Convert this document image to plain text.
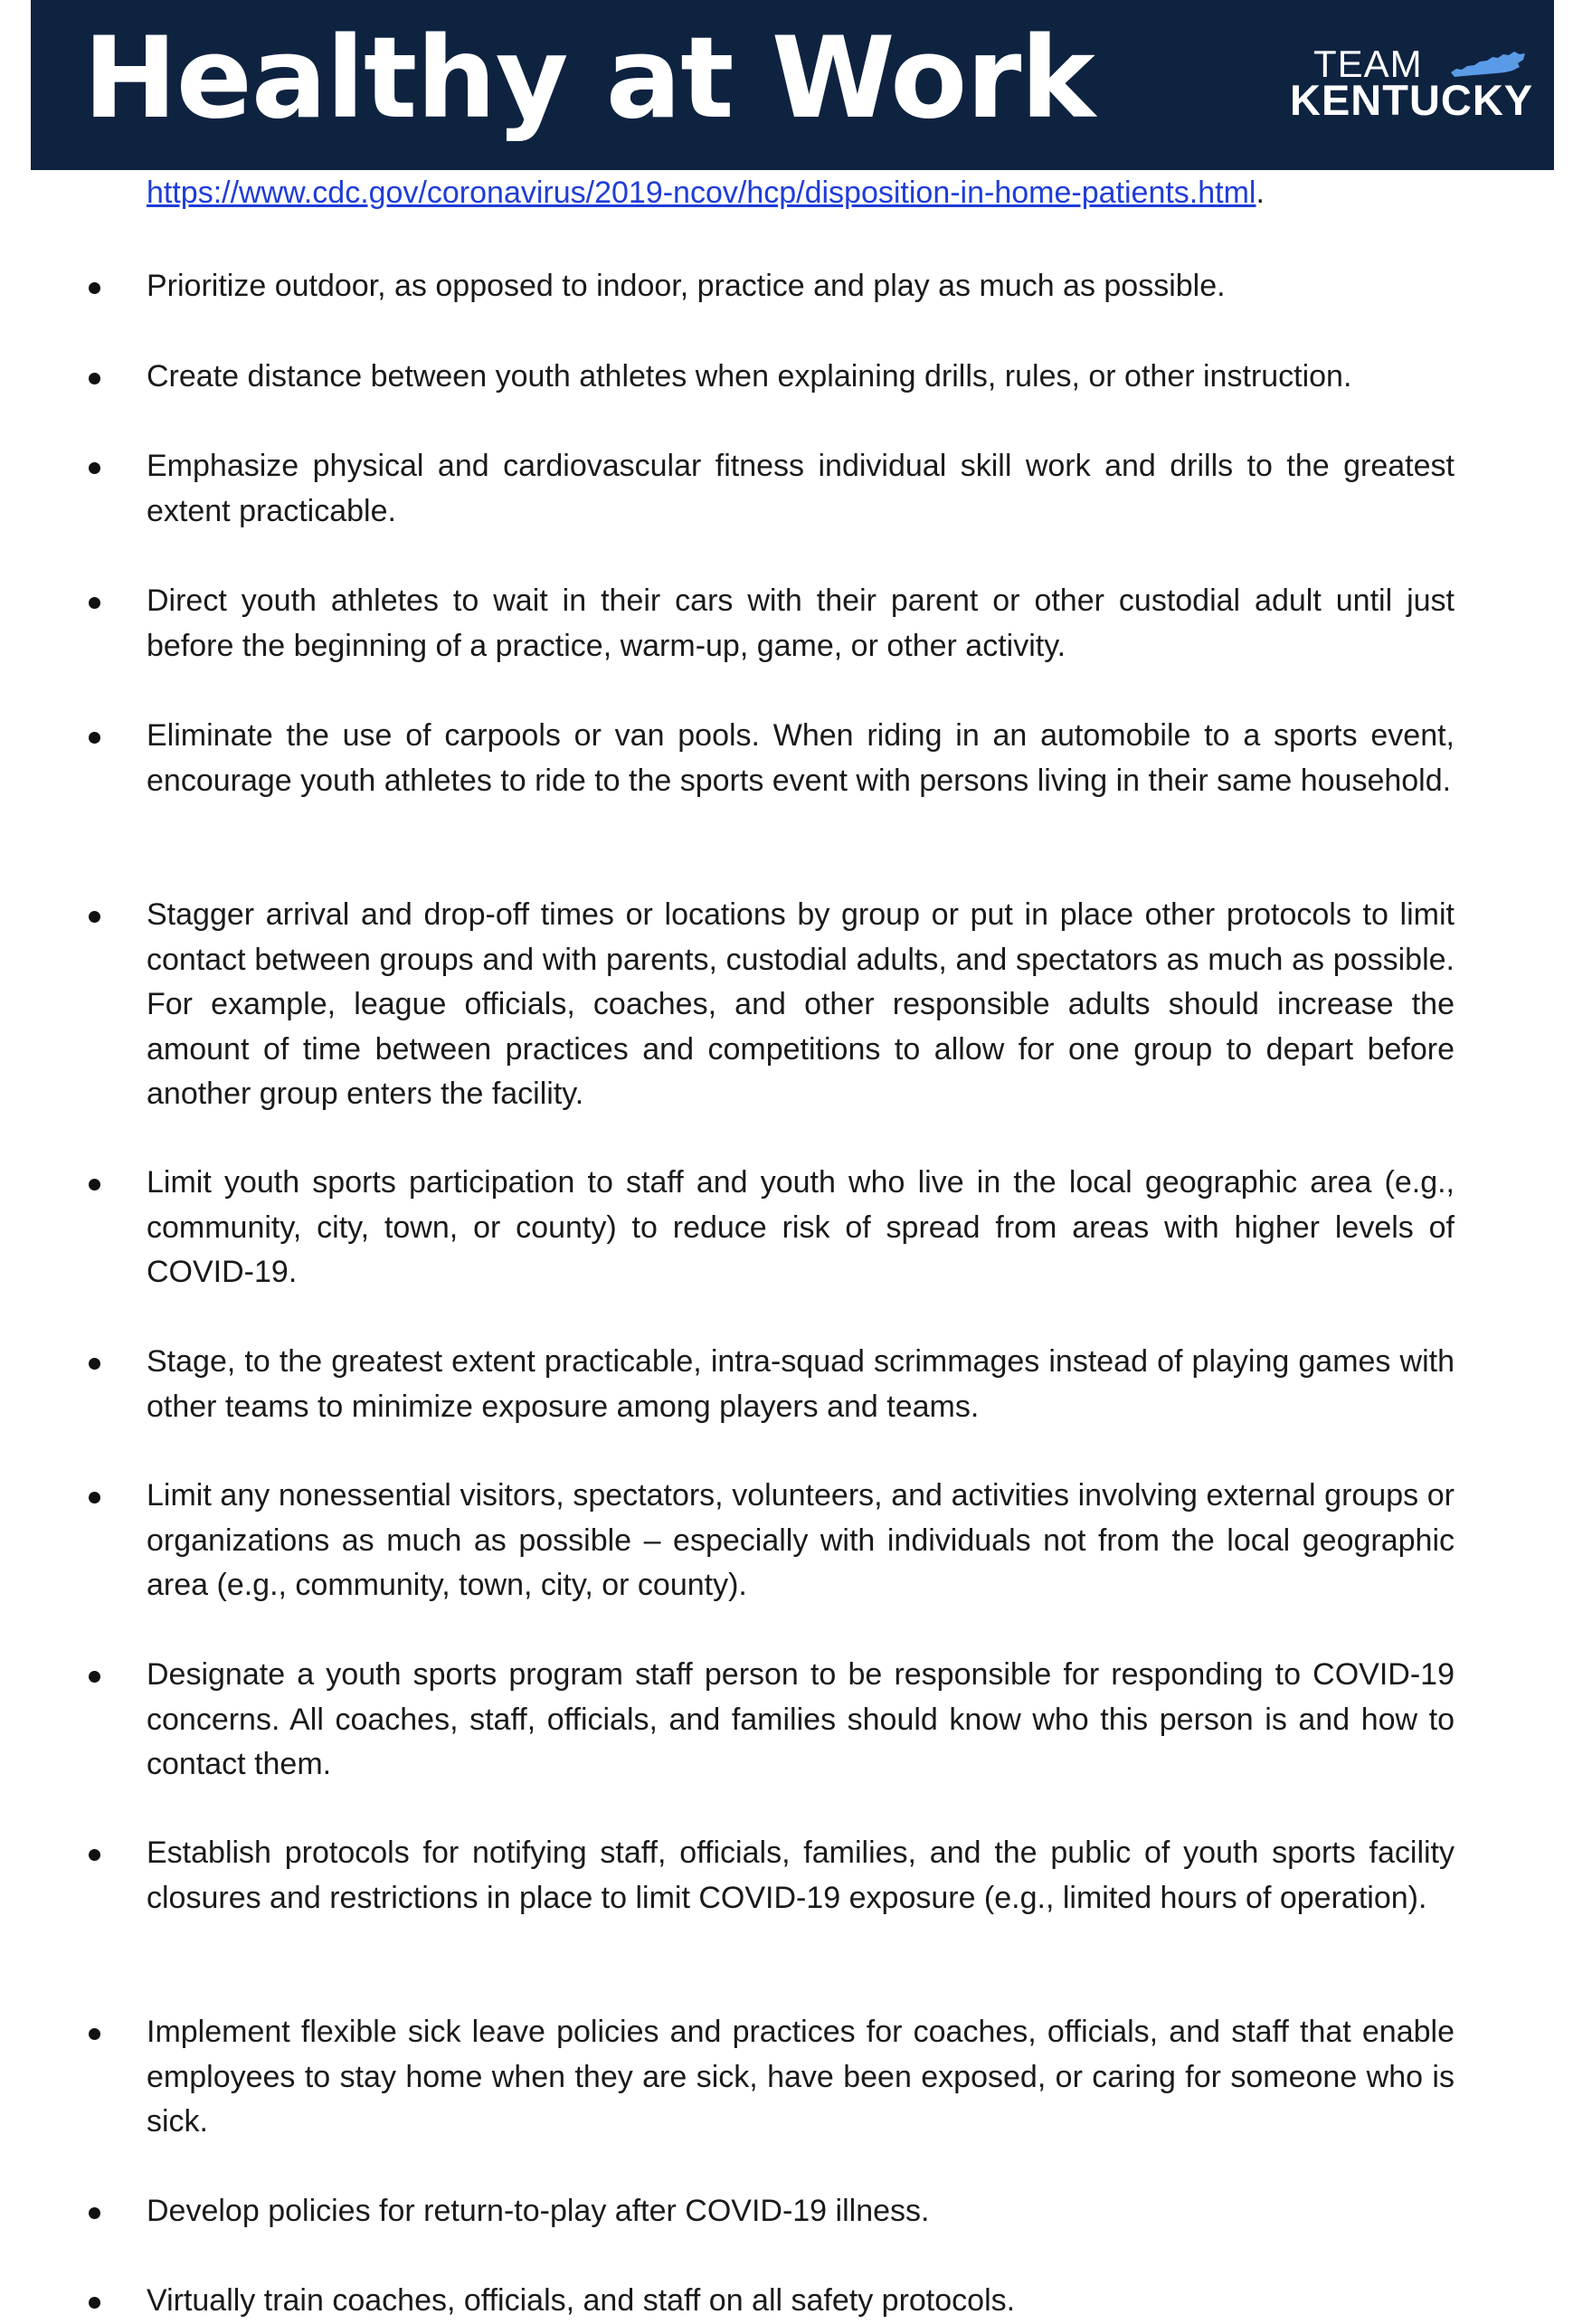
Healthy at Work	TEAM
KENTUCKY
https://www.cdc.gov/coronavirus/2019-ncov/hcp/disposition-in-home-patients.html.
Prioritize outdoor, as opposed to indoor, practice and play as much as possible.
Create distance between youth athletes when explaining drills, rules, or other instruction.
Emphasize physical and cardiovascular fitness individual skill work and drills to the greatest extent practicable.
Direct youth athletes to wait in their cars with their parent or other custodial adult until just before the beginning of a practice, warm-up, game, or other activity.
Eliminate the use of carpools or van pools. When riding in an automobile to a sports event, encourage youth athletes to ride to the sports event with persons living in their same household.
Stagger arrival and drop-off times or locations by group or put in place other protocols to limit contact between groups and with parents, custodial adults, and spectators as much as possible. For example, league officials, coaches, and other responsible adults should increase the amount of time between practices and competitions to allow for one group to depart before another group enters the facility.
Limit youth sports participation to staff and youth who live in the local geographic area (e.g., community, city, town, or county) to reduce risk of spread from areas with higher levels of COVID-19.
Stage, to the greatest extent practicable, intra-squad scrimmages instead of playing games with other teams to minimize exposure among players and teams.
Limit any nonessential visitors, spectators, volunteers, and activities involving external groups or organizations as much as possible – especially with individuals not from the local geographic area (e.g., community, town, city, or county).
Designate a youth sports program staff person to be responsible for responding to COVID-19 concerns. All coaches, staff, officials, and families should know who this person is and how to contact them.
Establish protocols for notifying staff, officials, families, and the public of youth sports facility closures and restrictions in place to limit COVID-19 exposure (e.g., limited hours of operation).
Implement flexible sick leave policies and practices for coaches, officials, and staff that enable employees to stay home when they are sick, have been exposed, or caring for someone who is sick.
Develop policies for return-to-play after COVID-19 illness.
Virtually train coaches, officials, and staff on all safety protocols.
